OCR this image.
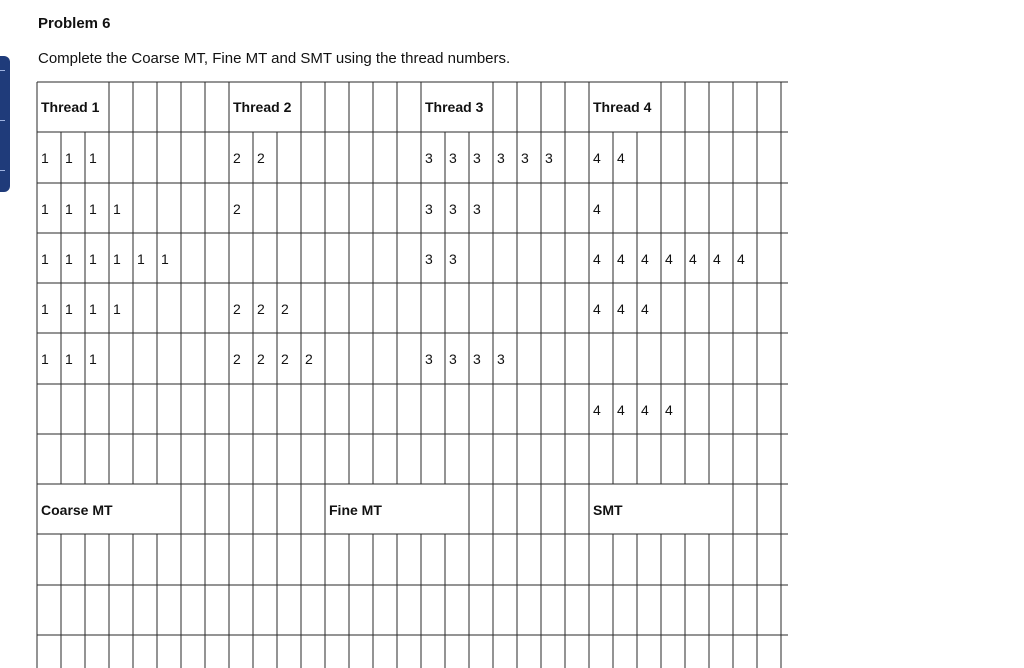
Problem 6

Complete the Coarse MT, Fine MT and SMT using the thread numbers.

Thread 1
1 1 1
1 1 1 1
1 1 1 1 1 1
1 1 1 1
1 1 1
Thread 2
2 2
2
2 2 2
2 2 2 2
Thread 3
3 3 3 3 3 3
3 3 3
3 3
3 3 3 3
Thread 4
4 4
4
4 4 4 4 4 4 4
4 4 4
4 4 4 4
Coarse MT	Fine MT	SMT
